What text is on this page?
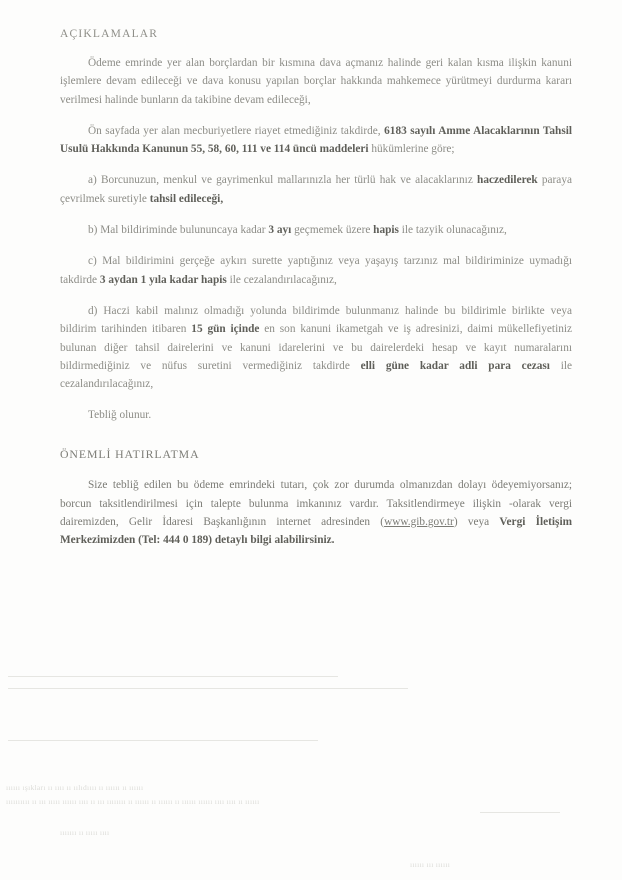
AÇIKLAMALAR

Ödeme emrinde yer alan borçlardan bir kısmına dava açmanız halinde geri kalan kısma ilişkin kanuni işlemlere devam edileceği ve dava konusu yapılan borçlar hakkında mahkemece yürütmeyi durdurma kararı verilmesi halinde bunların da takibine devam edileceği,

Ön sayfada yer alan mecburiyetlere riayet etmediğiniz takdirde, 6183 sayılı Amme Alacaklarının Tahsil Usulü Hakkında Kanunun 55, 58, 60, 111 ve 114 üncü maddeleri hükümlerine göre;

a) Borcunuzun, menkul ve gayrimenkul mallarınızla her türlü hak ve alacaklarınız haczedilerek paraya çevrilmek suretiyle tahsil edileceği,

b) Mal bildiriminde bulununcaya kadar 3 ayı geçmemek üzere hapis ile tazyik olunacağınız,

c) Mal bildirimini gerçeğe aykırı surette yaptığınız veya yaşayış tarzınız mal bildiriminize uymadığı takdirde 3 aydan 1 yıla kadar hapis ile cezalandırılacağınız,

d) Haczi kabil malınız olmadığı yolunda bildirimde bulunmanız halinde bu bildirimle birlikte veya bildirim tarihinden itibaren 15 gün içinde en son kanuni ikametgah ve iş adresinizi, daimi mükellefiyetiniz bulunan diğer tahsil dairelerini ve kanuni idarelerini ve bu dairelerdeki hesap ve kayıt numaralarını bildirmediğiniz ve nüfus suretini vermediğiniz takdirde elli güne kadar adli para cezası ile cezalandırılacağınız,

Tebliğ olunur.

ÖNEMLİ HATIRLATMA

Size tebliğ edilen bu ödeme emrindeki tutarı, çok zor durumda olmanızdan dolayı ödeyemiyorsanız; borcun taksitlendirilmesi için talepte bulunma imkanınız vardır. Taksitlendirmeye ilişkin -olarak vergi dairemizden, Gelir İdaresi Başkanlığının internet adresinden (www.gib.gov.tr) veya Vergi İletişim Merkezimizden (Tel: 444 0 189) detaylı bilgi alabilirsiniz.

ıııııı ışıkları ıı ıııı ıı ıılıdıııı ıı ıııııı ıı ıııııı
ıııııııııı ıı ııı ııııı ıııııı ıııı ıı ııı ıııııııı ıı ıııııı ıı ıııııı ıı ıııııı ıııııı ıııı ıııı ıı ıııııı
ııııııı ıı ııııı ıııı
ıııııı ııı ıııııı
